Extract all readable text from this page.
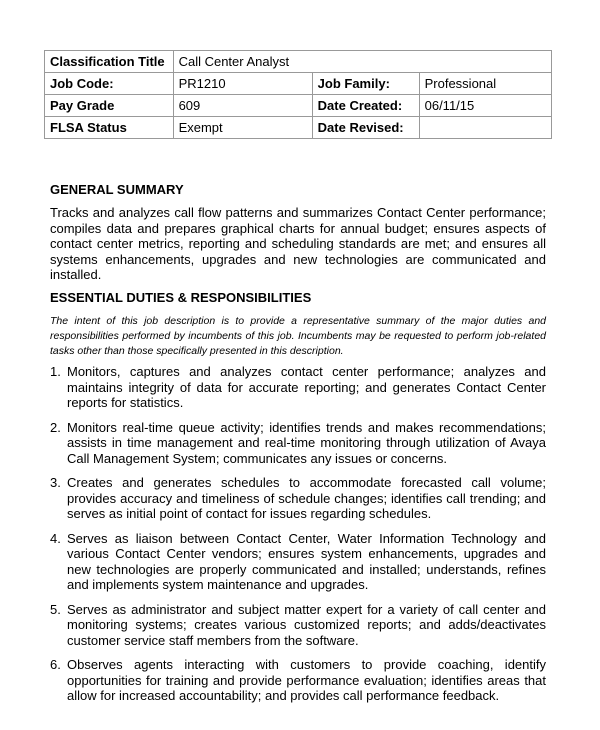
Classification Title	Call Center Analyst		
Job Code:	PR1210	Job Family:	Professional
Pay Grade	609	Date Created:	06/11/15
FLSA Status	Exempt	Date Revised:	
GENERAL SUMMARY
Tracks and analyzes call flow patterns and summarizes Contact Center performance; compiles data and prepares graphical charts for annual budget; ensures aspects of contact center metrics, reporting and scheduling standards are met; and ensures all systems enhancements, upgrades and new technologies are communicated and installed.
ESSENTIAL DUTIES & RESPONSIBILITIES
The intent of this job description is to provide a representative summary of the major duties and responsibilities performed by incumbents of this job. Incumbents may be requested to perform job-related tasks other than those specifically presented in this description.
1. Monitors, captures and analyzes contact center performance; analyzes and maintains integrity of data for accurate reporting; and generates Contact Center reports for statistics.
2. Monitors real-time queue activity; identifies trends and makes recommendations; assists in time management and real-time monitoring through utilization of Avaya Call Management System; communicates any issues or concerns.
3. Creates and generates schedules to accommodate forecasted call volume; provides accuracy and timeliness of schedule changes; identifies call trending; and serves as initial point of contact for issues regarding schedules.
4. Serves as liaison between Contact Center, Water Information Technology and various Contact Center vendors; ensures system enhancements, upgrades and new technologies are properly communicated and installed; understands, refines and implements system maintenance and upgrades.
5. Serves as administrator and subject matter expert for a variety of call center and monitoring systems; creates various customized reports; and adds/deactivates customer service staff members from the software.
6. Observes agents interacting with customers to provide coaching, identify opportunities for training and provide performance evaluation; identifies areas that allow for increased accountability; and provides call performance feedback.
